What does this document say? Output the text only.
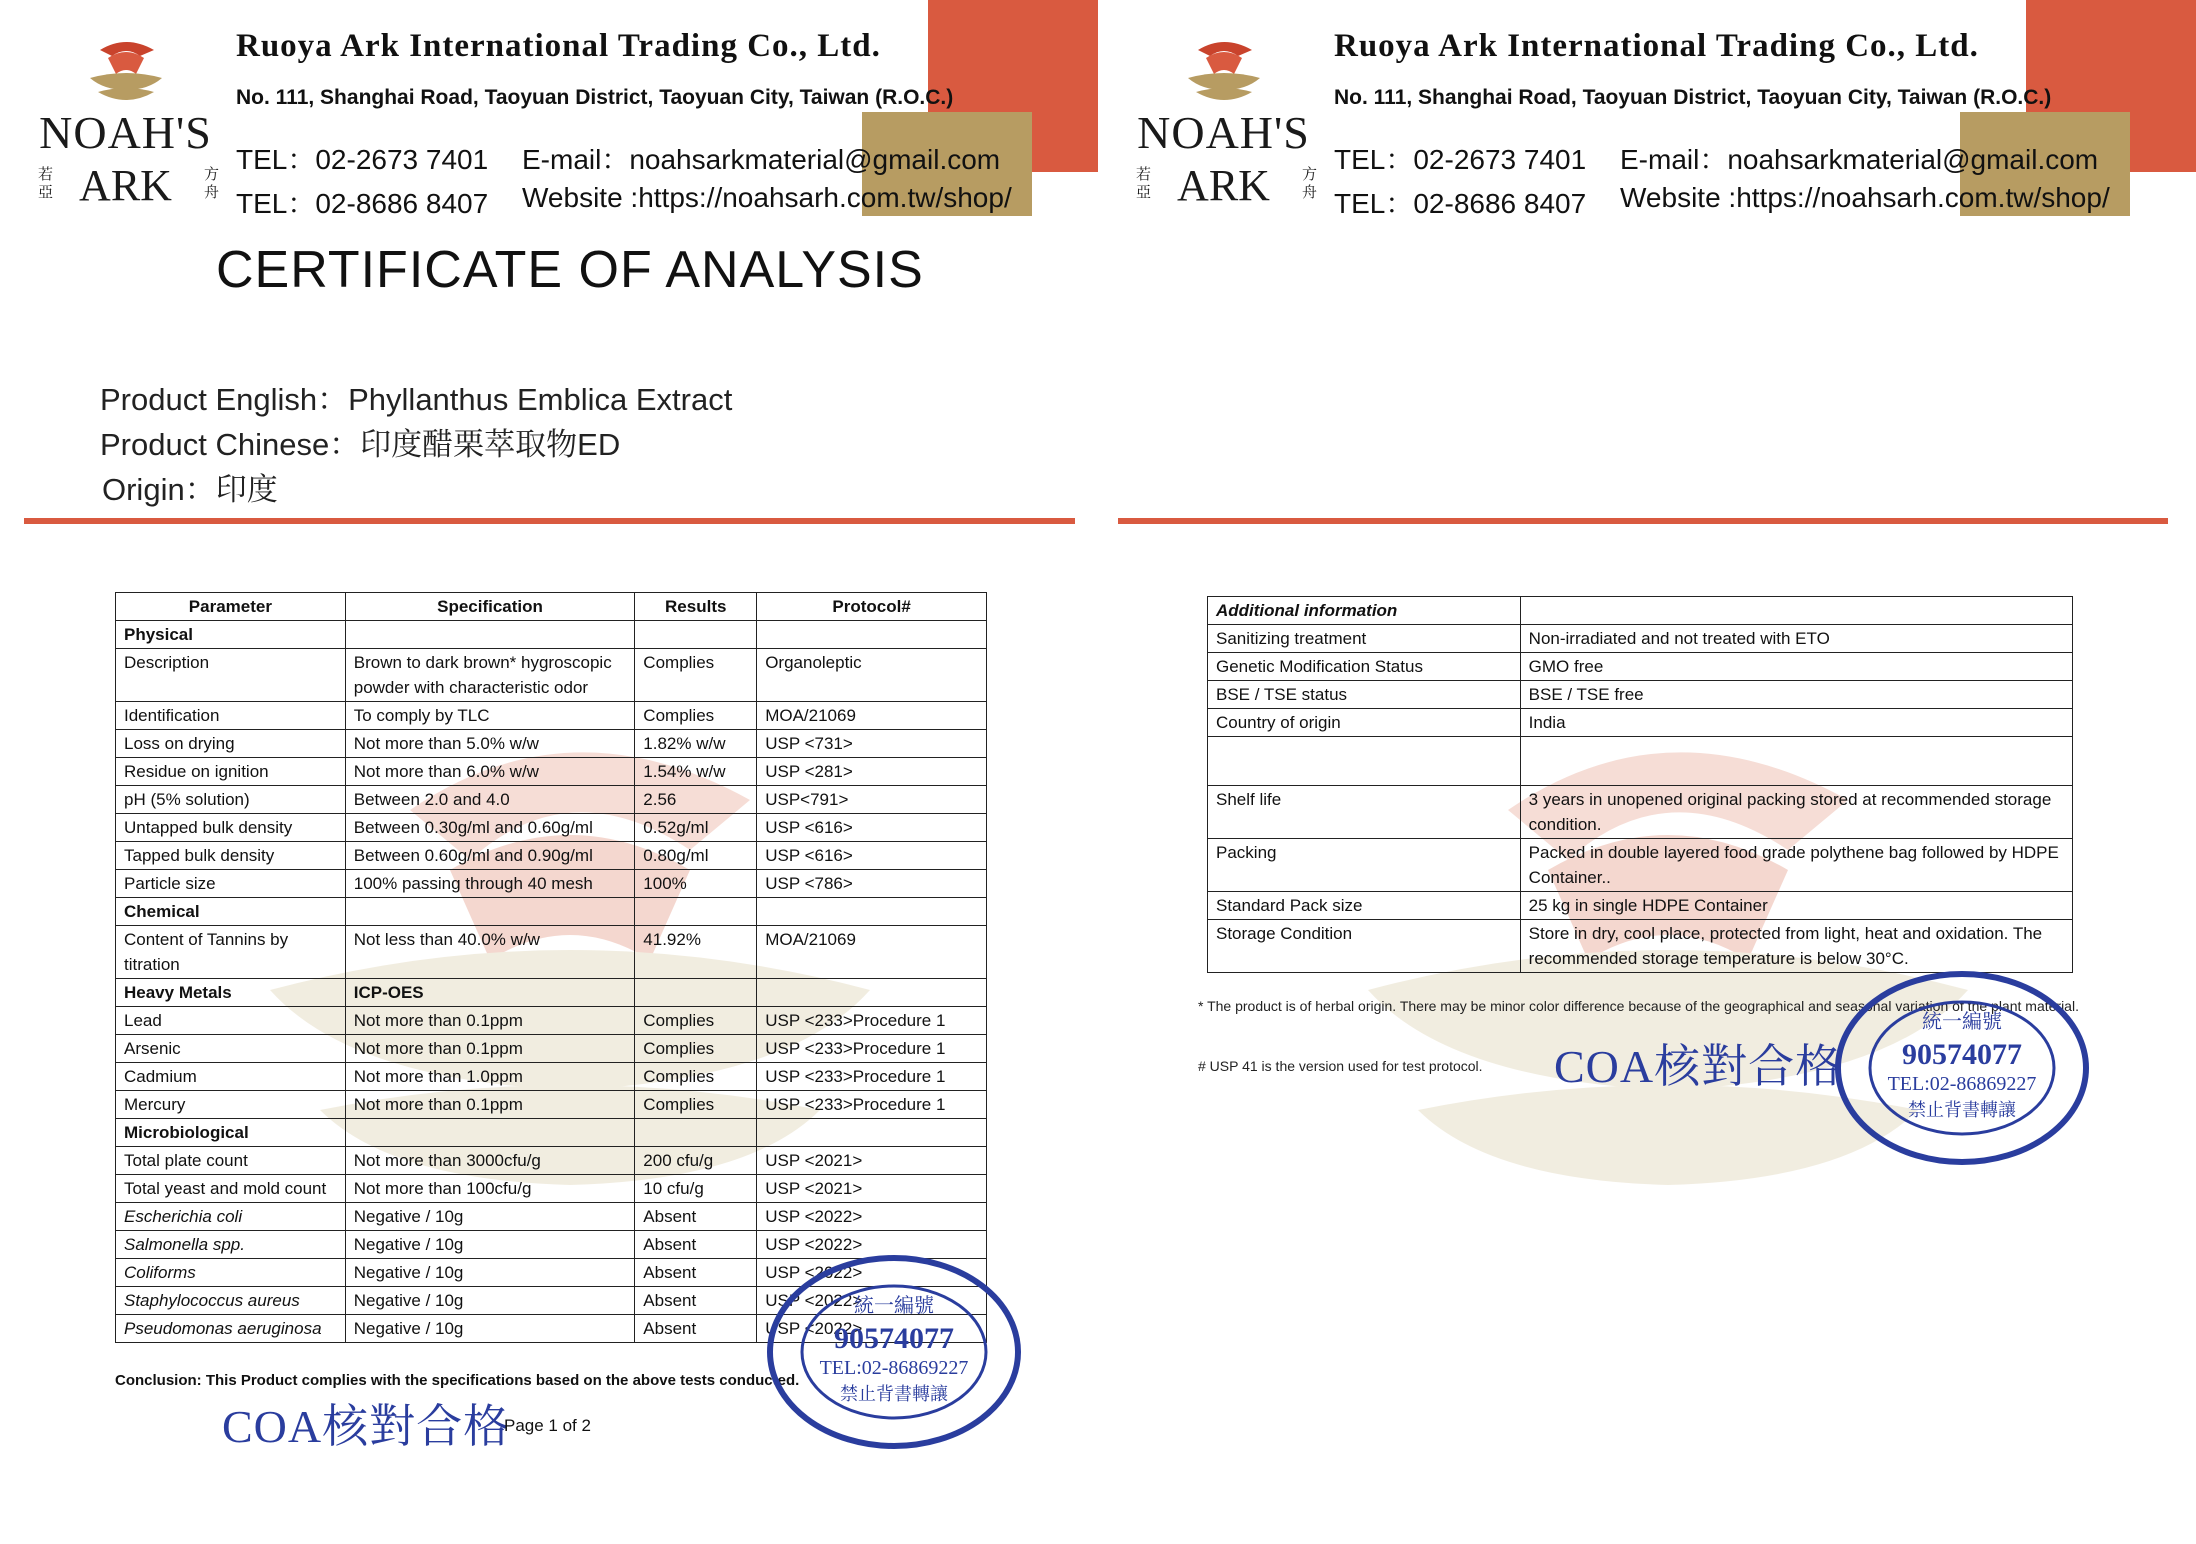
NOAH'S
ARK
若亞
方舟
Ruoya Ark International Trading Co., Ltd.
No. 111, Shanghai Road, Taoyuan District, Taoyuan City, Taiwan (R.O.C.)
TEL：02-2673 7401
TEL：02-8686 8407
E-mail：noahsarkmaterial@gmail.com
Website :https://noahsarh.com.tw/shop/
CERTIFICATE OF ANALYSIS
Product English：Phyllanthus Emblica Extract
Product Chinese：印度醋栗萃取物ED
Origin：印度
Parameter	Specification	Results	Protocol#
Physical			
Description	Brown to dark brown* hygroscopic powder with characteristic odor	Complies	Organoleptic
Identification	To comply by TLC	Complies	MOA/21069
Loss on drying	Not more than 5.0% w/w	1.82% w/w	USP <731>
Residue on ignition	Not more than 6.0% w/w	1.54% w/w	USP <281>
pH (5% solution)	Between 2.0 and 4.0	2.56	USP<791>
Untapped bulk density	Between 0.30g/ml and 0.60g/ml	0.52g/ml	USP <616>
Tapped bulk density	Between 0.60g/ml and 0.90g/ml	0.80g/ml	USP <616>
Particle size	100% passing through 40 mesh	100%	USP <786>
Chemical			
Content of Tannins by titration	Not less than 40.0% w/w	41.92%	MOA/21069
Heavy Metals	ICP-OES		
Lead	Not more than 0.1ppm	Complies	USP <233>Procedure 1
Arsenic	Not more than 0.1ppm	Complies	USP <233>Procedure 1
Cadmium	Not more than 1.0ppm	Complies	USP <233>Procedure 1
Mercury	Not more than 0.1ppm	Complies	USP <233>Procedure 1
Microbiological			
Total plate count	Not more than 3000cfu/g	200 cfu/g	USP <2021>
Total yeast and mold count	Not more than 100cfu/g	10 cfu/g	USP <2021>
Escherichia coli	Negative / 10g	Absent	USP <2022>
Salmonella spp.	Negative / 10g	Absent	USP <2022>
Coliforms	Negative / 10g	Absent	USP <2022>
Staphylococcus aureus	Negative / 10g	Absent	USP <2022>
Pseudomonas aeruginosa	Negative / 10g	Absent	USP <2022>
Conclusion: This Product complies with the specifications based on the above tests conducted.
COA核對合格
Page 1 of 2
統一編號
90574077
TEL:02-86869227
禁止背書轉讓
NOAH'S
ARK
若亞
方舟
Ruoya Ark International Trading Co., Ltd.
No. 111, Shanghai Road, Taoyuan District, Taoyuan City, Taiwan (R.O.C.)
TEL：02-2673 7401
TEL：02-8686 8407
E-mail：noahsarkmaterial@gmail.com
Website :https://noahsarh.com.tw/shop/
Additional information	
Sanitizing treatment	Non-irradiated and not treated with ETO
Genetic Modification Status	GMO free
BSE / TSE status	BSE / TSE free
Country of origin	India

Shelf life	3 years in unopened original packing stored at recommended storage condition.
Packing	Packed in double layered food grade polythene bag followed by HDPE Container..
Standard Pack size	25 kg in single HDPE Container
Storage Condition	Store in dry, cool place, protected from light, heat and oxidation. The recommended storage temperature is below 30°C.
* The product is of herbal origin. There may be minor color difference because of the geographical and seasonal variation of the plant material.
# USP 41 is the version used for test protocol. COA核對合格
統一編號
90574077
TEL:02-86869227
禁止背書轉讓
